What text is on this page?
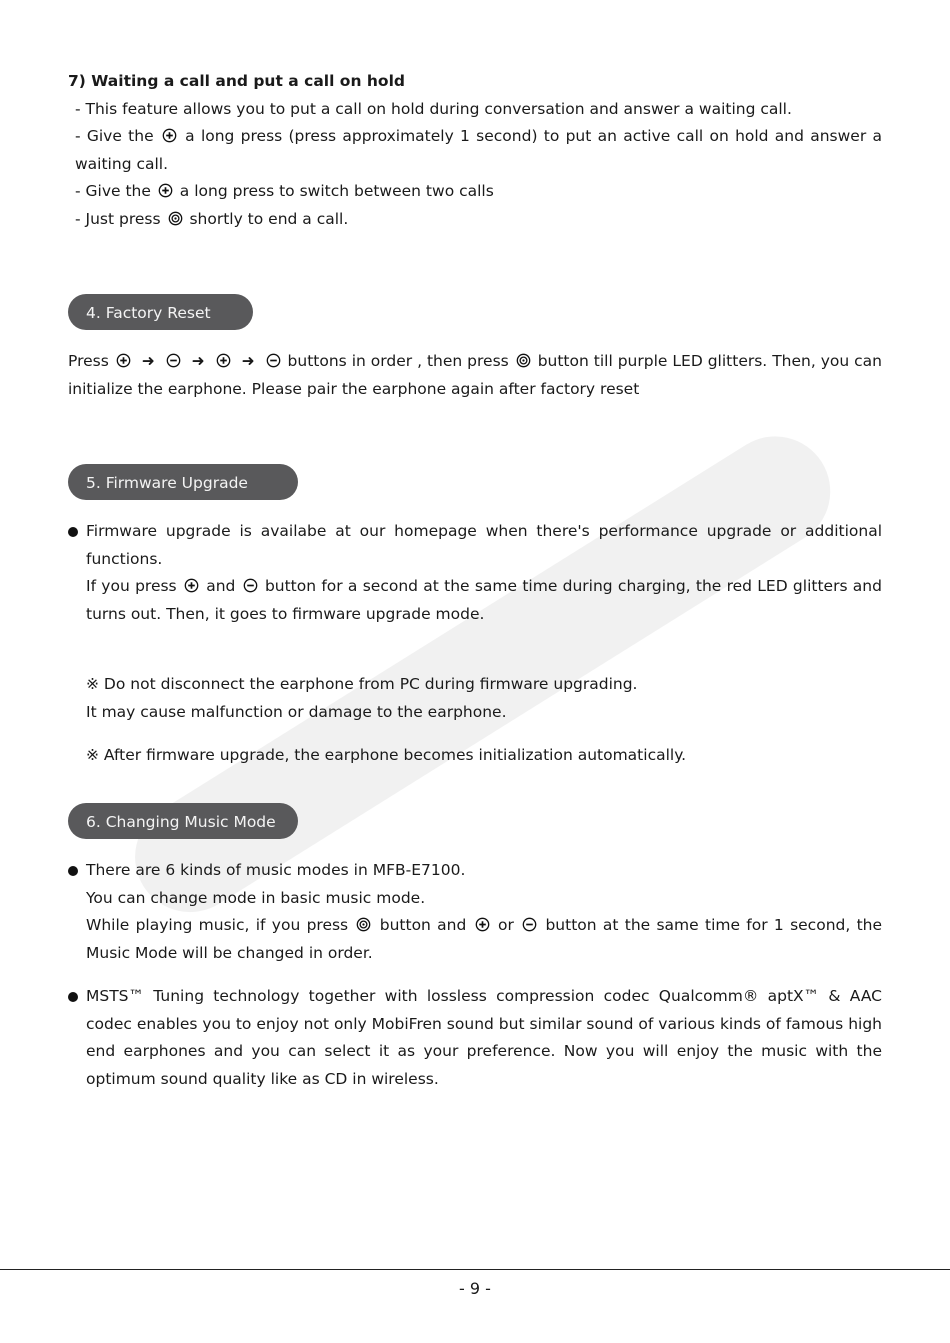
7) Waiting a call and put a call on hold

- This feature allows you to put a call on hold during conversation and answer a waiting call.

- Give the a long press (press approximately 1 second) to put an active call on hold and answer a waiting call.

- Give the a long press to switch between two calls

- Just press shortly to end a call.

4. Factory Reset

Press ➜ ➜ ➜ buttons in order , then press button till purple LED glitters. Then, you can initialize the earphone. Please pair the earphone again after factory reset

5. Firmware Upgrade

Firmware upgrade is availabe at our homepage when there's performance upgrade or additional functions.

If you press and button for a second at the same time during charging, the red LED glitters and turns out. Then, it goes to firmware upgrade mode.

※ Do not disconnect the earphone from PC during firmware upgrading.

It may cause malfunction or damage to the earphone.

※ After firmware upgrade, the earphone becomes initialization automatically.

6. Changing Music Mode

There are 6 kinds of music modes in MFB-E7100.

You can change mode in basic music mode.

While playing music, if you press button and or button at the same time for 1 second, the Music Mode will be changed in order.

MSTS™ Tuning technology together with lossless compression codec Qualcomm® aptX™ & AAC codec enables you to enjoy not only MobiFren sound but similar sound of various kinds of famous high end earphones and you can select it as your preference. Now you will enjoy the music with the optimum sound quality like as CD in wireless.

- 9 -
